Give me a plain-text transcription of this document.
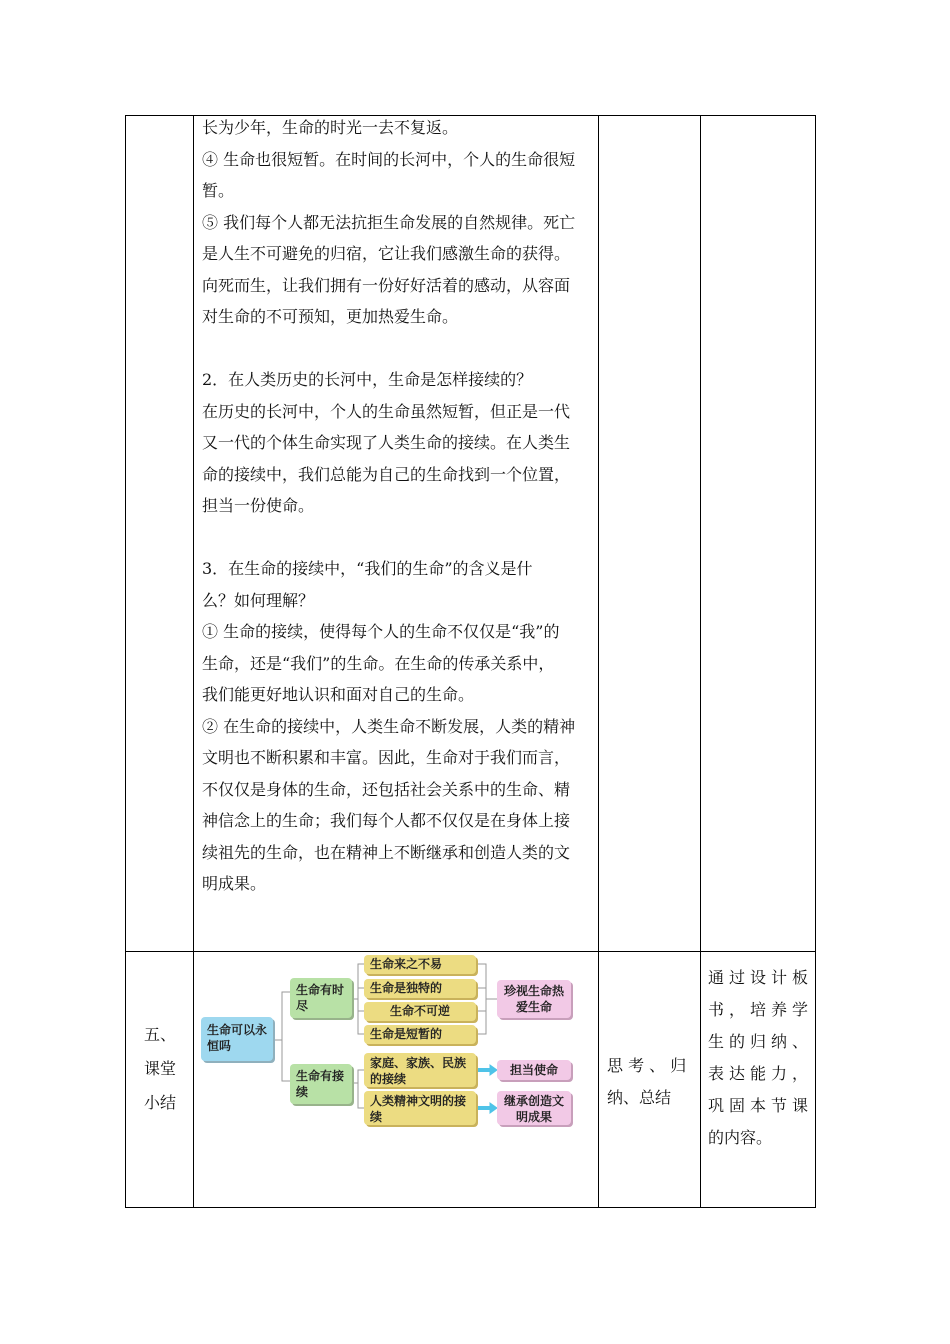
长为少年，生命的时光一去不复返。

④ 生命也很短暂。在时间的长河中，个人的生命很短

暂。

⑤ 我们每个人都无法抗拒生命发展的自然规律。死亡

是人生不可避免的归宿，它让我们感激生命的获得。

向死而生，让我们拥有一份好好活着的感动，从容面

对生命的不可预知，更加热爱生命。

2．在人类历史的长河中，生命是怎样接续的？

在历史的长河中，个人的生命虽然短暂，但正是一代

又一代的个体生命实现了人类生命的接续。在人类生

命的接续中，我们总能为自己的生命找到一个位置，

担当一份使命。

3．在生命的接续中，“我们的生命”的含义是什

么？如何理解？

① 生命的接续，使得每个人的生命不仅仅是“我”的

生命，还是“我们”的生命。在生命的传承关系中，

我们能更好地认识和面对自己的生命。

② 在生命的接续中，人类生命不断发展，人类的精神

文明也不断积累和丰富。因此，生命对于我们而言，

不仅仅是身体的生命，还包括社会关系中的生命、精

神信念上的生命；我们每个人都不仅仅是在身体上接

续祖先的生命，也在精神上不断继承和创造人类的文

明成果。

五、
课堂
小结
生命可以永恒吗
生命有时尽
生命来之不易
生命是独特的
生命不可逆
生命是短暂的
珍视生命热爱生命
生命有接续
家庭、家族、民族的接续
人类精神文明的接续
担当使命
继承创造文明成果
思 考 、 归
纳、总结
通过设计板
书，培养学
生的归纳、
表达能力，
巩固本节课
的内容。
